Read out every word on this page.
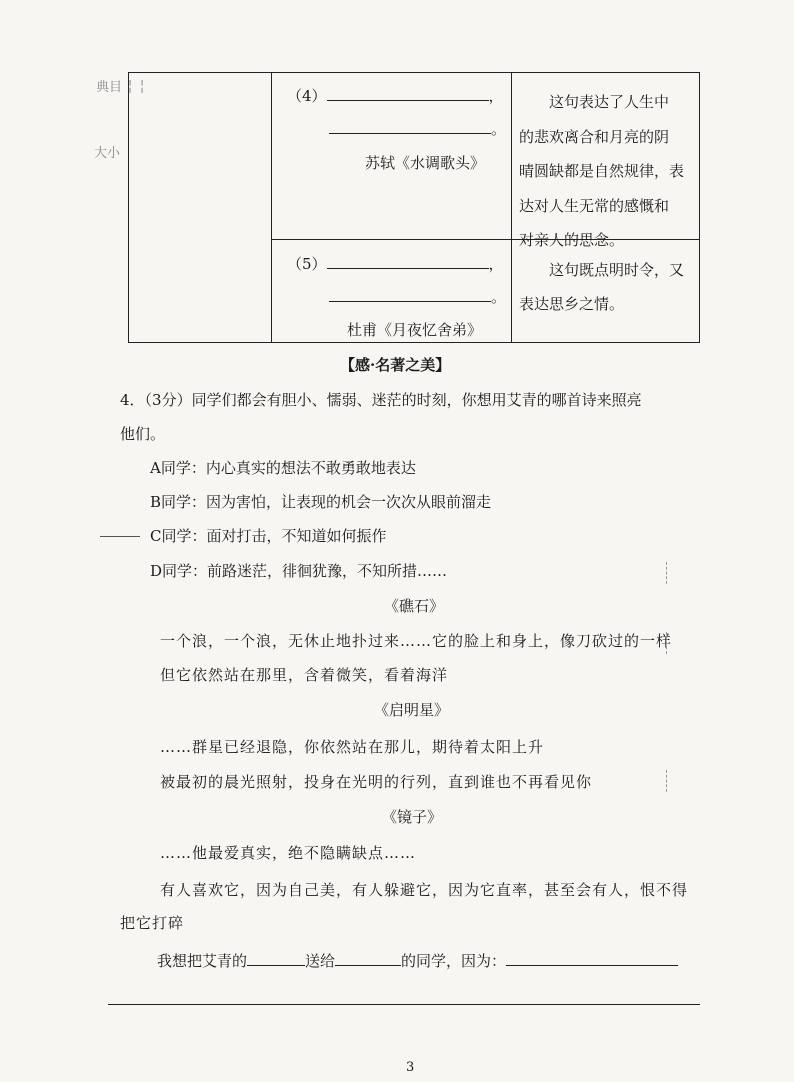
典目 ╎ ╎
大小
（4）	，
。
苏轼《水调歌头》
这句表达了人生中
的悲欢离合和月亮的阴
晴圆缺都是自然规律，表
达对人生无常的感慨和
对亲人的思念。
（5）	，
。
杜甫《月夜忆舍弟》
这句既点明时令，又
表达思乡之情。
【感·名著之美】
4．（3分）同学们都会有胆小、懦弱、迷茫的时刻，你想用艾青的哪首诗来照亮
他们。
A同学：内心真实的想法不敢勇敢地表达
B同学：因为害怕，让表现的机会一次次从眼前溜走
C同学：面对打击，不知道如何振作
D同学：前路迷茫，徘徊犹豫，不知所措……
《礁石》
一个浪，一个浪，无休止地扑过来……它的脸上和身上，像刀砍过的一样
但它依然站在那里，含着微笑，看着海洋
《启明星》
……群星已经退隐，你依然站在那儿，期待着太阳上升
被最初的晨光照射，投身在光明的行列，直到谁也不再看见你
《镜子》
……他最爱真实，绝不隐瞒缺点……
有人喜欢它，因为自己美，有人躲避它，因为它直率，甚至会有人，恨不得
把它打碎
我想把艾青的	送给	的同学，因为：
3
